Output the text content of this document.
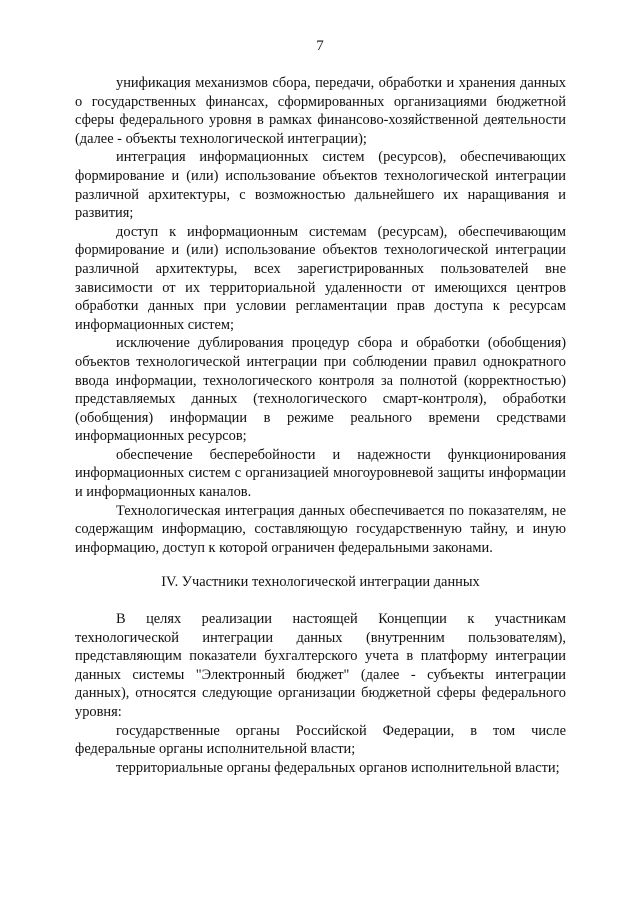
7

унификация механизмов сбора, передачи, обработки и хранения данных о государственных финансах, сформированных организациями бюджетной сферы федерального уровня в рамках финансово-хозяйственной деятельности (далее - объекты технологической интеграции);

интеграция информационных систем (ресурсов), обеспечивающих формирование и (или) использование объектов технологической интеграции различной архитектуры, с возможностью дальнейшего их наращивания и развития;

доступ к информационным системам (ресурсам), обеспечивающим формирование и (или) использование объектов технологической интеграции различной архитектуры, всех зарегистрированных пользователей вне зависимости от их территориальной удаленности от имеющихся центров обработки данных при условии регламентации прав доступа к ресурсам информационных систем;

исключение дублирования процедур сбора и обработки (обобщения) объектов технологической интеграции при соблюдении правил однократного ввода информации, технологического контроля за полнотой (корректностью) представляемых данных (технологического смарт-контроля), обработки (обобщения) информации в режиме реального времени средствами информационных ресурсов;

обеспечение бесперебойности и надежности функционирования информационных систем с организацией многоуровневой защиты информации и информационных каналов.

Технологическая интеграция данных обеспечивается по показателям, не содержащим информацию, составляющую государственную тайну, и иную информацию, доступ к которой ограничен федеральными законами.

IV. Участники технологической интеграции данных

В целях реализации настоящей Концепции к участникам технологической интеграции данных (внутренним пользователям), представляющим показатели бухгалтерского учета в платформу интеграции данных системы "Электронный бюджет" (далее - субъекты интеграции данных), относятся следующие организации бюджетной сферы федерального уровня:

государственные органы Российской Федерации, в том числе федеральные органы исполнительной власти;

территориальные органы федеральных органов исполнительной власти;
